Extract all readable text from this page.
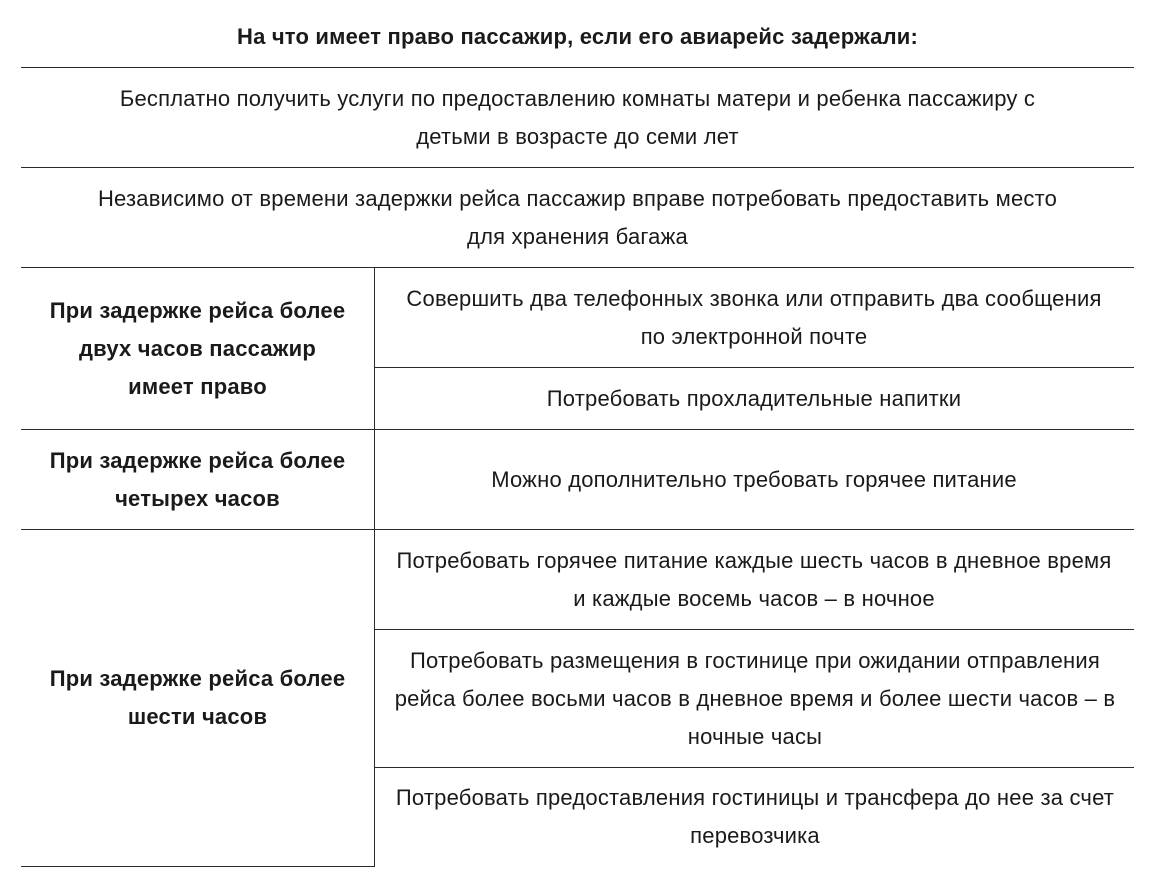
На что имеет право пассажир, если его авиарейс задержали:
Бесплатно получить услуги по предоставлению комнаты матери и ребенка пассажиру с детьми в возрасте до семи лет
Независимо от времени задержки рейса пассажир вправе потребовать предоставить место для хранения багажа
При задержке рейса более двух часов пассажир имеет право
Совершить два телефонных звонка или отправить два сообщения по электронной почте
Потребовать прохладительные напитки
При задержке рейса более четырех часов
Можно дополнительно требовать горячее питание
При задержке рейса более шести часов
Потребовать горячее питание каждые шесть часов в дневное время и каждые восемь часов – в ночное
Потребовать размещения в гостинице при ожидании отправления рейса более восьми часов в дневное время и более шести часов – в ночные часы
Потребовать предоставления гостиницы и трансфера до нее за счет перевозчика
